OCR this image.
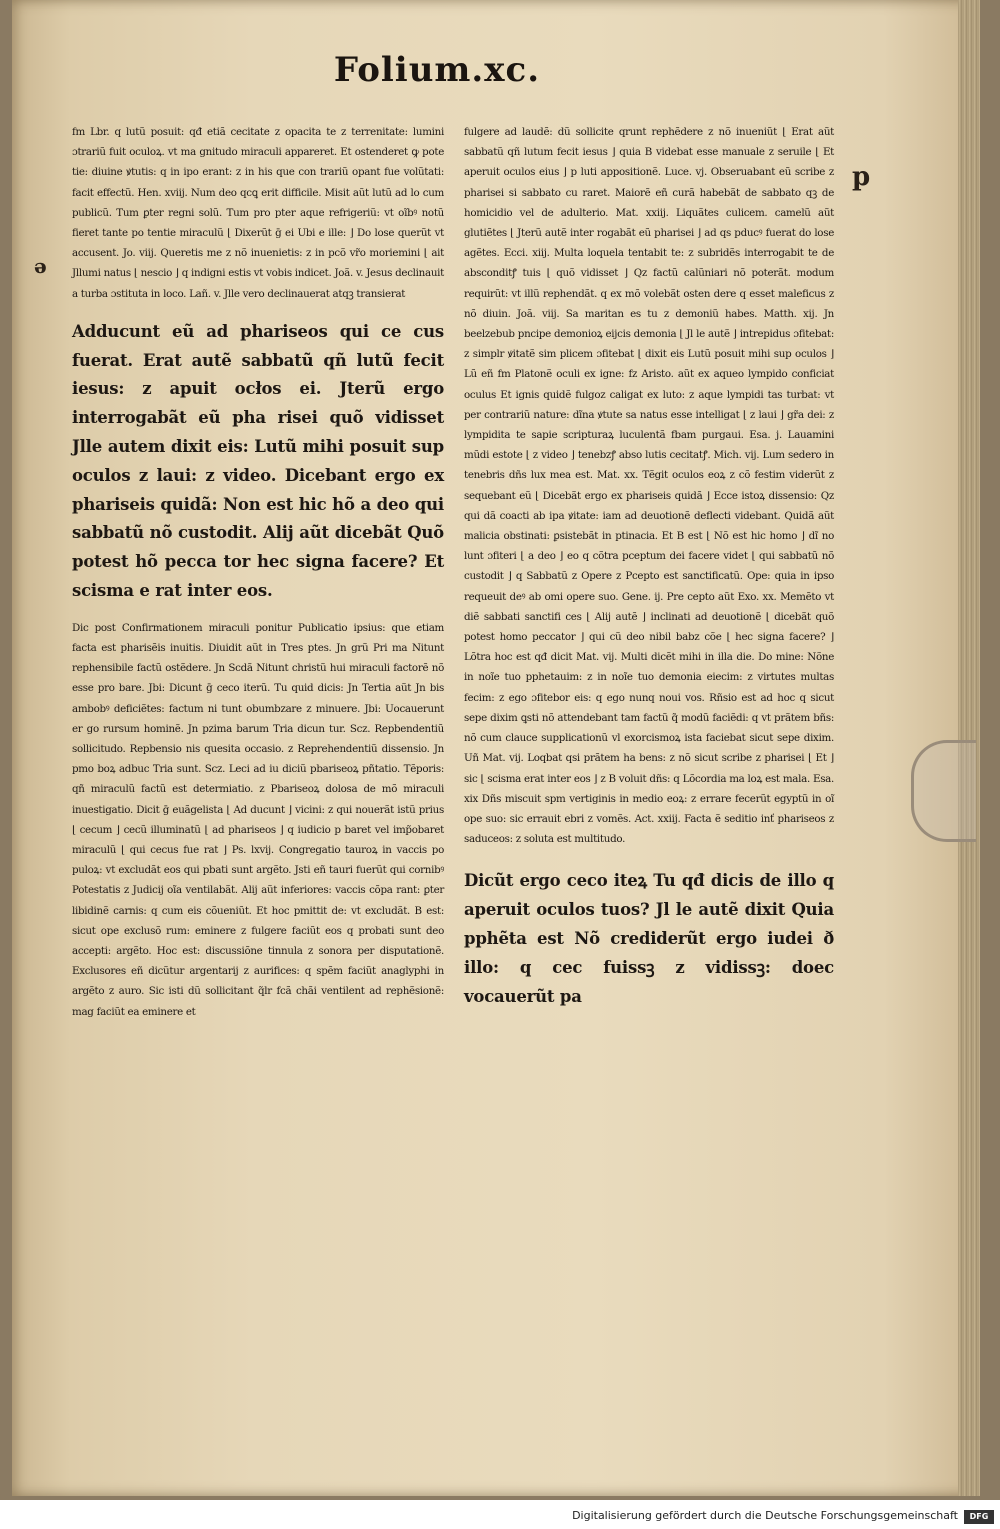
Folium.xc.
ə
p

fm Lbr. q lutũ posuit: qđ etiã cecitate z opacita te z terrenitate: lumini ɔtrariũ fuit oculoꝝ. vt ma gnitudo miraculi appareret. Et ostenderet ꝙ pote tie: diuine ꝟtutis: q in ipo erant: z in his que con trariũ opant fue volũtati: facit effectũ. Hen. xviij. Num deo qcꝗ erit difficile. Misit aũt lutũ ad lo cum publicũ. Tum ꝑter regni solũ. Tum pro pter aque refrigeriũ: vt oĩbꝰ notũ fieret tante po tentie miraculũ ⌊ Dixerũt ḡ ei Ubi e ille: ⌋ Do lose querũt vt accusent. Jo. viij. Queretis me z nõ inuenietis: z in pcõ vr̃o moriemini ⌊ ait Jllumi natus ⌊ nescio ⌋ q indigni estis vt vobis indicet. Joã. v. Jesus declinauit a turba ɔstituta in loco. Lañ. v. Jlle vero declinauerat atqꝫ transierat

Adducunt eũ ad phariseos qui ce cus fuerat. Erat autẽ sabbatũ qñ lutũ fecit iesus: z apuit ocłos ei. Jterũ ergo interrogabãt eũ pha risei quõ vidisset Jlle autem dixit eis: Lutũ mihi posuit sup oculos z laui: z video. Dicebant ergo ex phariseis quidã: Non est hic hõ a deo qui sabbatũ nõ custodit. Alij aũt dicebãt Quõ potest hõ pecca tor hec signa facere? Et scisma e rat inter eos.

Dic post Confirmationem miraculi ponitur Publicatio ipsius: que etiam facta est pharisẽis inuitis. Diuidit aũt in Tres ptes. Jn grũ Pri ma Nitunt rephensibile factũ ostẽdere. Jn Scdã Nitunt christũ hui miraculi factorẽ nõ esse pro bare. Jbi: Dicunt ḡ ceco iterũ. Tu quid dicis: Jn Tertia aũt Jn bis ambobꝰ deficiẽtes: factum ni tunt obumbzare z minuere. Jbi: Uocauerunt er go rursum hominẽ. Jn pzima barum Tria dicun tur. Scz. Repbendentiũ sollicitudo. Repbensio nis quesita occasio. z Reprehendentiũ dissensio. Jn pmo boꝝ adbuc Tria sunt. Scz. Leci ad iu diciũ pbariseoꝝ pñtatio. Tẽporis: qñ miraculũ factũ est determiatio. z Pbariseoꝝ dolosa de mõ miraculi inuestigatio. Dicit ḡ euãgelista ⌊ Ad ducunt ⌋ vicini: z qui nouerãt istũ prius ⌊ cecum ⌋ cecũ illuminatũ ⌊ ad phariseos ⌋ q iudicio p baret vel imp̃obaret miraculũ ⌊ qui cecus fue rat ⌋ Ps. lxvij. Congregatio tauroꝝ in vaccis po puloꝝ: vt excludãt eos qui pbati sunt argẽto. Jsti eñ tauri fuerũt qui cornibꝰ Potestatis z Judicij oĩa ventilabãt. Alij aũt inferiores: vaccis cõpa rant: ꝑter libidinẽ carnis: q cum eis cõueniũt. Et hoc pmittit de: vt excludãt. B est: sicut ope exclusõ rum: eminere z fulgere faciũt eos q probati sunt deo accepti: argẽto. Hoc est: discussiõne tinnula z sonora per disputationẽ. Exclusores eñ dicũtur argentarij z aurifices: q spẽm faciũt anaglyphi in argẽto z auro. Sic isti dũ sollicitant q̃lr fcã chãi ventilent ad rephẽsionẽ: mag faciũt ea eminere et

fulgere ad laudẽ: dũ sollicite qrunt rephẽdere z nõ inueniũt ⌊ Erat aũt sabbatũ qñ lutum fecit iesus ⌋ quia B videbat esse manuale z seruile ⌊ Et aperuit oculos eius ⌋ p luti appositionẽ. Luce. vj. Obseruabant eũ scribe z pharisei si sabbato cu raret. Maiorẽ eñ curã habebãt de sabbato qꝫ de homicidio vel de adulterio. Mat. xxiij. Liquãtes culicem. camelũ aũt glutiẽtes ⌊ Jterũ autẽ inter rogabãt eũ pharisei ⌋ ad qs pducꝰ fuerat do lose agẽtes. Ecci. xiij. Multa loquela tentabit te: z subridẽs interrogabit te de absconditꝭ tuis ⌊ quõ vidisset ⌋ Qz factũ calũniari nõ poterãt. modum requirũt: vt illũ rephendãt. q ex mõ volebãt osten dere q esset maleficus z nõ diuin. Joã. viij. Sa maritan es tu z demoniũ habes. Matth. xij. Jn beelzebub pncipe demonioꝝ eijcis demonia ⌊ Jl le autẽ ⌋ intrepidus ɔfitebat: z simplr ꝟitatẽ sim plicem ɔfitebat ⌊ dixit eis Lutũ posuit mihi sup oculos ⌋ Lũ eñ fm Platonẽ oculi ex igne: fz Aristo. aũt ex aqueo lympido conficiat oculus Et ignis quidẽ fulgoz caligat ex luto: z aque lympidi tas turbat: vt per contrariũ nature: dĩna ꝟtute sa natus esse intelligat ⌊ z laui ⌋ gr̃a dei: z lympidita te sapie scripturaꝝ luculentã fbam purgaui. Esa. j. Lauamini mũdi estote ⌊ z video ⌋ tenebzꝭ abso lutis cecitatꝭ. Mich. vij. Lum sedero in tenebris dñs lux mea est. Mat. xx. Tẽgit oculos eoꝝ z cõ festim viderũt z sequebant eũ ⌊ Dicebãt ergo ex phariseis quidã ⌋ Ecce istoꝝ dissensio: Qz qui dã coacti ab ipa ꝟitate: iam ad deuotionẽ deflecti videbant. Quidã aũt malicia obstinati: ꝑsistebãt in ptinacia. Et B est ⌊ Nõ est hic homo ⌋ dĩ no lunt ɔfiteri ⌊ a deo ⌋ eo q cõtra pceptum dei facere videt ⌊ qui sabbatũ nõ custodit ⌋ q Sabbatũ z Opere z Pcepto est sanctificatũ. Ope: quia in ipso requeuit deꝰ ab omi opere suo. Gene. ij. Pre cepto aũt Exo. xx. Memẽto vt diẽ sabbati sanctifi ces ⌊ Alij autẽ ⌋ inclinati ad deuotionẽ ⌊ dicebãt quõ potest homo peccator ⌋ qui cũ deo nibil babz cõe ⌊ hec signa facere? ⌋ Lõtra hoc est qđ dicit Mat. vij. Multi dicẽt mihi in illa die. Do mine: Nõne in noĩe tuo pphetauim: z in noĩe tuo demonia eiecim: z virtutes multas fecim: z ego ɔfitebor eis: q ego nunq noui vos. Rñsio est ad hoc q sicut sepe dixim ꝗsti nõ attendebant tam factũ q̃ modũ faciẽdi: q vt prãtem bñs: nõ cum clauce supplicationũ vl exorcismoꝝ ista faciebat sicut sepe dixim. Uñ Mat. vij. Loqbat qsi prãtem ha bens: z nõ sicut scribe z pharisei ⌊ Et ⌋ sic ⌊ scisma erat inter eos ⌋ z B voluit dñs: q Lõcordia ma loꝝ est mala. Esa. xix Dñs miscuit spm vertiginis in medio eoꝝ: z errare fecerũt egyptũ in oĩ ope suo: sic errauit ebri z vomẽs. Act. xxiij. Facta ẽ seditio inť phariseos z saduceos: z soluta est multitudo.

Dicũt ergo ceco iteꝝ Tu qđ dicis de illo q aperuit oculos tuos? Jl le autẽ dixit Quia pphẽta est Nõ crediderũt ergo iudei ð illo: q cec fuissꝫ z vidissꝫ: doec vocauerũt pa

Digitalisierung gefördert durch die Deutsche Forschungsgemeinschaft	DFG
